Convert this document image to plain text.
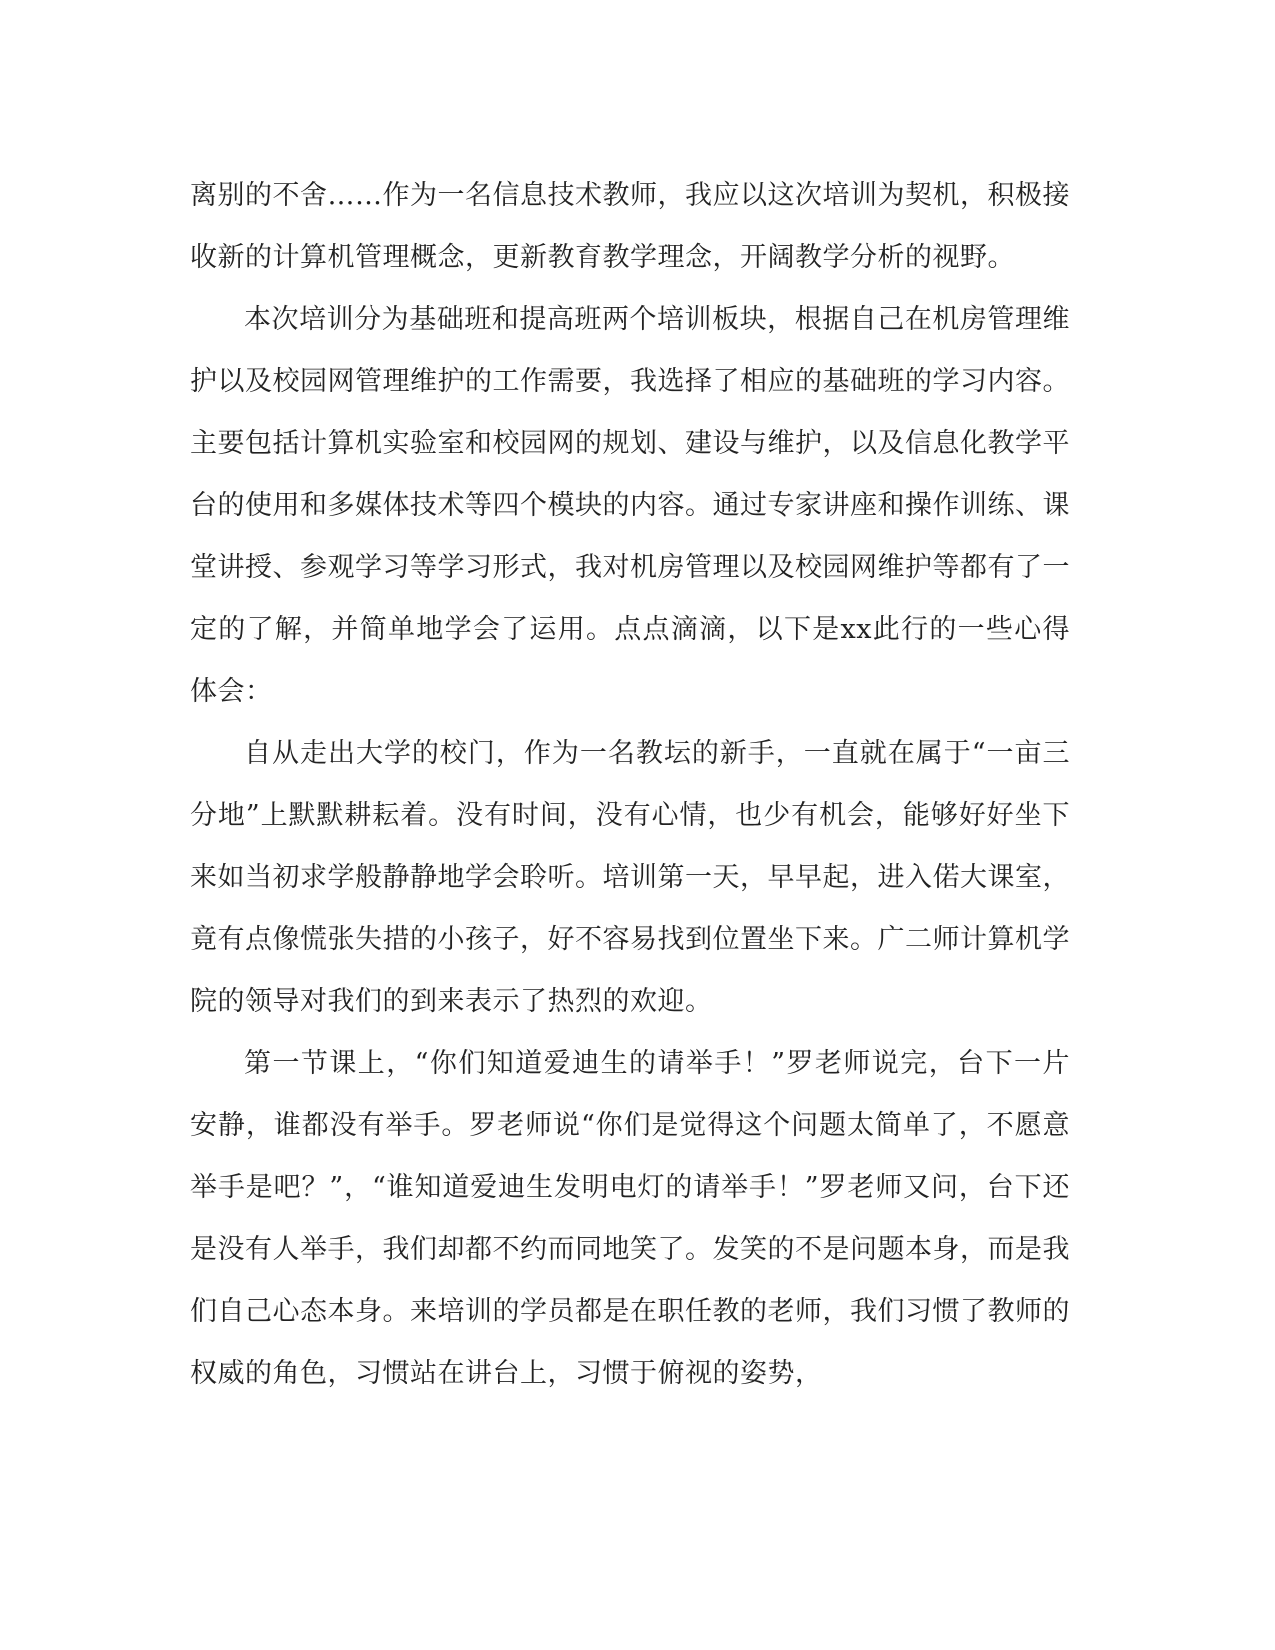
离别的不舍……作为一名信息技术教师，我应以这次培训为契机，积极接收新的计算机管理概念，更新教育教学理念，开阔教学分析的视野。

本次培训分为基础班和提高班两个培训板块，根据自己在机房管理维护以及校园网管理维护的工作需要，我选择了相应的基础班的学习内容。主要包括计算机实验室和校园网的规划、建设与维护，以及信息化教学平台的使用和多媒体技术等四个模块的内容。通过专家讲座和操作训练、课堂讲授、参观学习等学习形式，我对机房管理以及校园网维护等都有了一定的了解，并简单地学会了运用。点点滴滴，以下是xx此行的一些心得体会：

自从走出大学的校门，作为一名教坛的新手，一直就在属于“一亩三分地”上默默耕耘着。没有时间，没有心情，也少有机会，能够好好坐下来如当初求学般静静地学会聆听。培训第一天，早早起，进入偌大课室，竟有点像慌张失措的小孩子，好不容易找到位置坐下来。广二师计算机学院的领导对我们的到来表示了热烈的欢迎。

第一节课上，“你们知道爱迪生的请举手！”罗老师说完，台下一片安静，谁都没有举手。罗老师说“你们是觉得这个问题太简单了，不愿意举手是吧？”，“谁知道爱迪生发明电灯的请举手！”罗老师又问，台下还是没有人举手，我们却都不约而同地笑了。发笑的不是问题本身，而是我们自己心态本身。来培训的学员都是在职任教的老师，我们习惯了教师的权威的角色，习惯站在讲台上，习惯于俯视的姿势，
